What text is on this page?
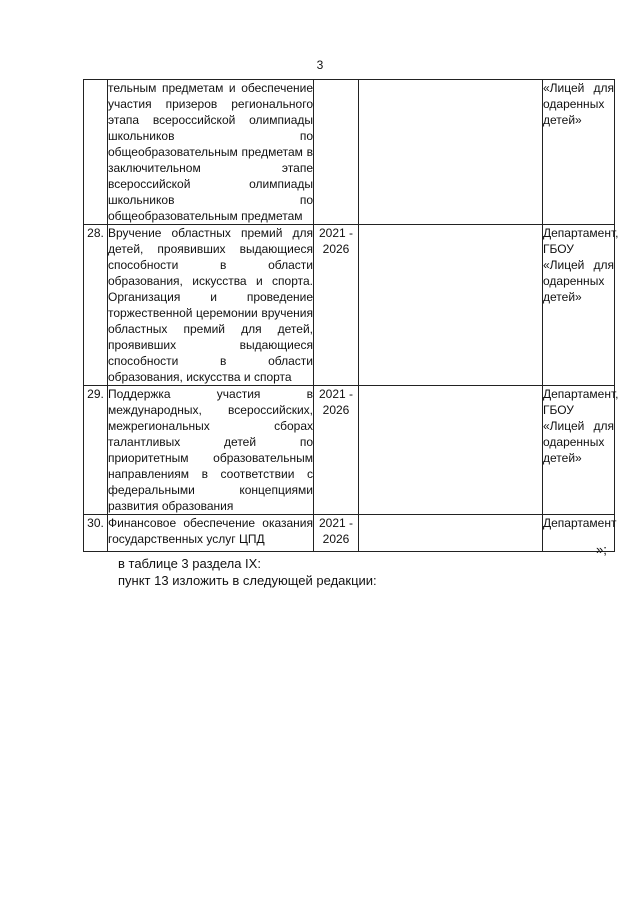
3
	тельным предметам и обеспечение участия призеров регионального этапа всероссийской олимпиады школьников по общеобразовательным предметам в заключительном этапе всероссийской олимпиады школьников по общеобразовательным предметам			«Лицей для одаренных детей»
28.	Вручение областных премий для детей, проявивших выдающиеся способности в области образования, искусства и спорта. Организация и проведение торжественной церемонии вручения областных премий для детей, проявивших выдающиеся способности в области образования, искусства и спорта	2021 - 2026		Департамент, ГБОУ «Лицей для одаренных детей»
29.	Поддержка участия в международных, всероссийских, межрегиональных сборах талантливых детей по приоритетным образовательным направлениям в соответствии с федеральными концепциями развития образования	2021 - 2026		Департамент, ГБОУ «Лицей для одаренных детей»
30.	Финансовое обеспечение оказания государственных услуг ЦПД	2021 - 2026		Департамент
»;
в таблице 3 раздела IX:
пункт 13 изложить в следующей редакции:
